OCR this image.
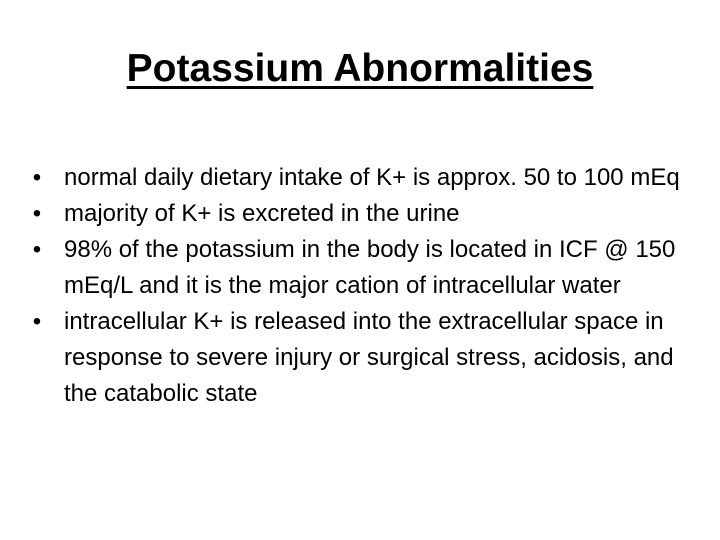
Potassium Abnormalities
• normal daily dietary intake of K+ is approx. 50 to 100 mEq
• majority of K+ is excreted in the urine
• 98% of the potassium in the body is located in ICF @ 150 mEq/L and it is the major cation of intracellular water
• intracellular K+ is released into the extracellular space in response to severe injury or surgical stress, acidosis, and the catabolic state
